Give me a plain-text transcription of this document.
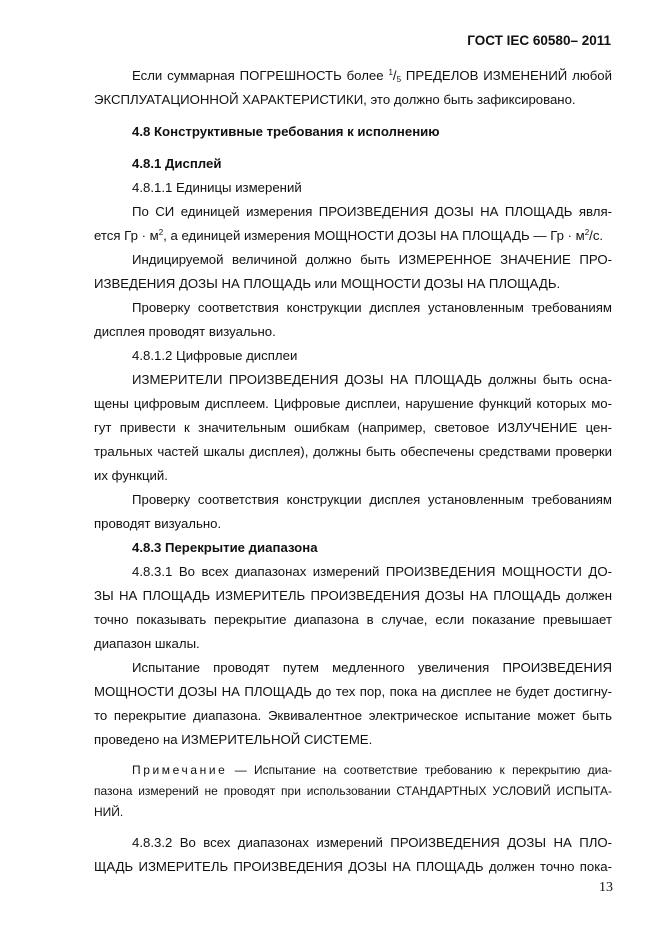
ГОСТ IEC 60580– 2011

Если суммарная ПОГРЕШНОСТЬ более $^1/_5$ ПРЕДЕЛОВ ИЗМЕНЕНИЙ любой
ЭКСПЛУАТАЦИОННОЙ ХАРАКТЕРИСТИКИ, это должно быть зафиксировано.

4.8 Конструктивные требования к исполнению

4.8.1 Дисплей

4.8.1.1 Единицы измерений

По СИ единицей измерения ПРОИЗВЕДЕНИЯ ДОЗЫ НА ПЛОЩАДЬ явля-
ется Гр · $м^2$, а единицей измерения МОЩНОСТИ ДОЗЫ НА ПЛОЩАДЬ — Гр · $м^2/с$.

Индицируемой величиной должно быть ИЗМЕРЕННОЕ ЗНАЧЕНИЕ ПРО-
ИЗВЕДЕНИЯ ДОЗЫ НА ПЛОЩАДЬ или МОЩНОСТИ ДОЗЫ НА ПЛОЩАДЬ.

Проверку соответствия конструкции дисплея установленным требованиям
дисплея проводят визуально.

4.8.1.2 Цифровые дисплеи

ИЗМЕРИТЕЛИ ПРОИЗВЕДЕНИЯ ДОЗЫ НА ПЛОЩАДЬ должны быть осна-
щены цифровым дисплеем. Цифровые дисплеи, нарушение функций которых мо-
гут привести к значительным ошибкам (например, световое ИЗЛУЧЕНИЕ цен-
тральных частей шкалы дисплея), должны быть обеспечены средствами проверки
их функций.

Проверку соответствия конструкции дисплея установленным требованиям
проводят визуально.

4.8.3 Перекрытие диапазона

4.8.3.1 Во всех диапазонах измерений ПРОИЗВЕДЕНИЯ МОЩНОСТИ ДО-
ЗЫ НА ПЛОЩАДЬ ИЗМЕРИТЕЛЬ ПРОИЗВЕДЕНИЯ ДОЗЫ НА ПЛОЩАДЬ должен
точно показывать перекрытие диапазона в случае, если показание превышает
диапазон шкалы.

Испытание проводят путем медленного увеличения ПРОИЗВЕДЕНИЯ
МОЩНОСТИ ДОЗЫ НА ПЛОЩАДЬ до тех пор, пока на дисплее не будет достигну-
то перекрытие диапазона. Эквивалентное электрическое испытание может быть
проведено на ИЗМЕРИТЕЛЬНОЙ СИСТЕМЕ.

Примечание — Испытание на соответствие требованию к перекрытию диа-
пазона измерений не проводят при использовании СТАНДАРТНЫХ УСЛОВИЙ ИСПЫТА-
НИЙ.

4.8.3.2 Во всех диапазонах измерений ПРОИЗВЕДЕНИЯ ДОЗЫ НА ПЛО-
ЩАДЬ ИЗМЕРИТЕЛЬ ПРОИЗВЕДЕНИЯ ДОЗЫ НА ПЛОЩАДЬ должен точно пока-

13
